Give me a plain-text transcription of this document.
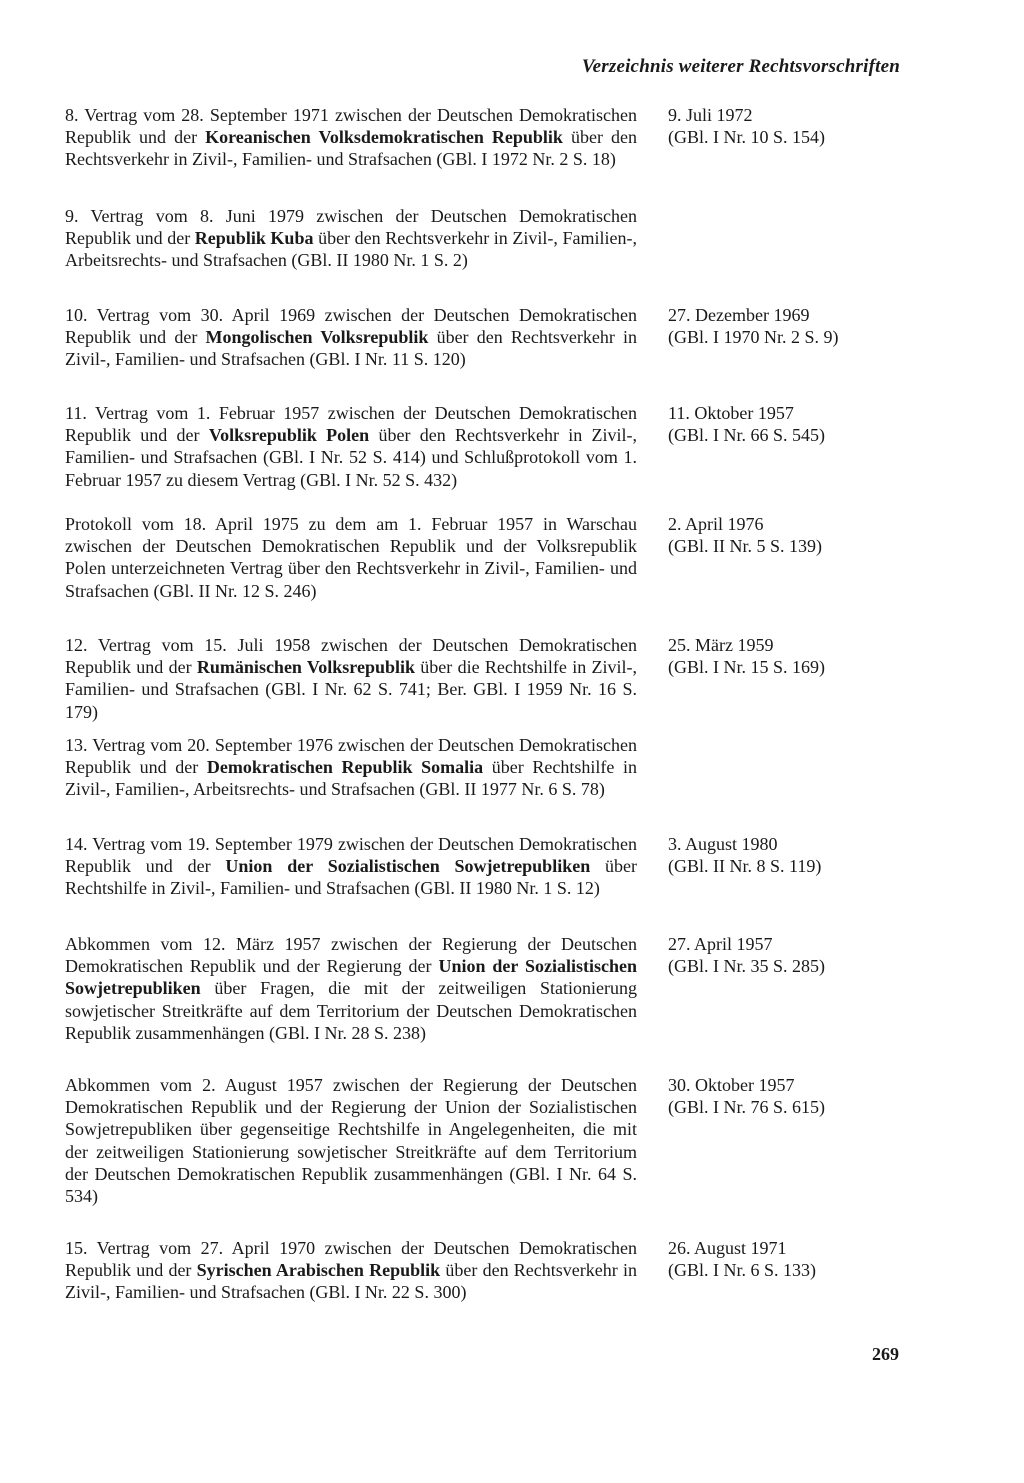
Verzeichnis weiterer Rechtsvorschriften
8. Vertrag vom 28. September 1971 zwischen der Deutschen Demokratischen Republik und der Koreanischen Volksdemokratischen Republik über den Rechtsverkehr in Zivil-, Familien- und Strafsachen (GBl. I 1972 Nr. 2 S. 18)
9. Juli 1972
(GBl. I Nr. 10 S. 154)
9. Vertrag vom 8. Juni 1979 zwischen der Deutschen Demokratischen Republik und der Republik Kuba über den Rechtsverkehr in Zivil-, Familien-, Arbeitsrechts- und Strafsachen (GBl. II 1980 Nr. 1 S. 2)
10. Vertrag vom 30. April 1969 zwischen der Deutschen Demokratischen Republik und der Mongolischen Volksrepublik über den Rechtsverkehr in Zivil-, Familien- und Strafsachen (GBl. I Nr. 11 S. 120)
27. Dezember 1969
(GBl. I 1970 Nr. 2 S. 9)
11. Vertrag vom 1. Februar 1957 zwischen der Deutschen Demokratischen Republik und der Volksrepublik Polen über den Rechtsverkehr in Zivil-, Familien- und Strafsachen (GBl. I Nr. 52 S. 414) und Schlußprotokoll vom 1. Februar 1957 zu diesem Vertrag (GBl. I Nr. 52 S. 432)
11. Oktober 1957
(GBl. I Nr. 66 S. 545)
Protokoll vom 18. April 1975 zu dem am 1. Februar 1957 in Warschau zwischen der Deutschen Demokratischen Republik und der Volksrepublik Polen unterzeichneten Vertrag über den Rechtsverkehr in Zivil-, Familien- und Strafsachen (GBl. II Nr. 12 S. 246)
2. April 1976
(GBl. II Nr. 5 S. 139)
12. Vertrag vom 15. Juli 1958 zwischen der Deutschen Demokratischen Republik und der Rumänischen Volksrepublik über die Rechtshilfe in Zivil-, Familien- und Strafsachen (GBl. I Nr. 62 S. 741; Ber. GBl. I 1959 Nr. 16 S. 179)
25. März 1959
(GBl. I Nr. 15 S. 169)
13. Vertrag vom 20. September 1976 zwischen der Deutschen Demokratischen Republik und der Demokratischen Republik Somalia über Rechtshilfe in Zivil-, Familien-, Arbeitsrechts- und Strafsachen (GBl. II 1977 Nr. 6 S. 78)
14. Vertrag vom 19. September 1979 zwischen der Deutschen Demokratischen Republik und der Union der Sozialistischen Sowjetrepubliken über Rechtshilfe in Zivil-, Familien- und Strafsachen (GBl. II 1980 Nr. 1 S. 12)
3. August 1980
(GBl. II Nr. 8 S. 119)
Abkommen vom 12. März 1957 zwischen der Regierung der Deutschen Demokratischen Republik und der Regierung der Union der Sozialistischen Sowjetrepubliken über Fragen, die mit der zeitweiligen Stationierung sowjetischer Streitkräfte auf dem Territorium der Deutschen Demokratischen Republik zusammenhängen (GBl. I Nr. 28 S. 238)
27. April 1957
(GBl. I Nr. 35 S. 285)
Abkommen vom 2. August 1957 zwischen der Regierung der Deutschen Demokratischen Republik und der Regierung der Union der Sozialistischen Sowjetrepubliken über gegenseitige Rechtshilfe in Angelegenheiten, die mit der zeitweiligen Stationierung sowjetischer Streitkräfte auf dem Territorium der Deutschen Demokratischen Republik zusammenhängen (GBl. I Nr. 64 S. 534)
30. Oktober 1957
(GBl. I Nr. 76 S. 615)
15. Vertrag vom 27. April 1970 zwischen der Deutschen Demokratischen Republik und der Syrischen Arabischen Republik über den Rechtsverkehr in Zivil-, Familien- und Strafsachen (GBl. I Nr. 22 S. 300)
26. August 1971
(GBl. I Nr. 6 S. 133)
269
